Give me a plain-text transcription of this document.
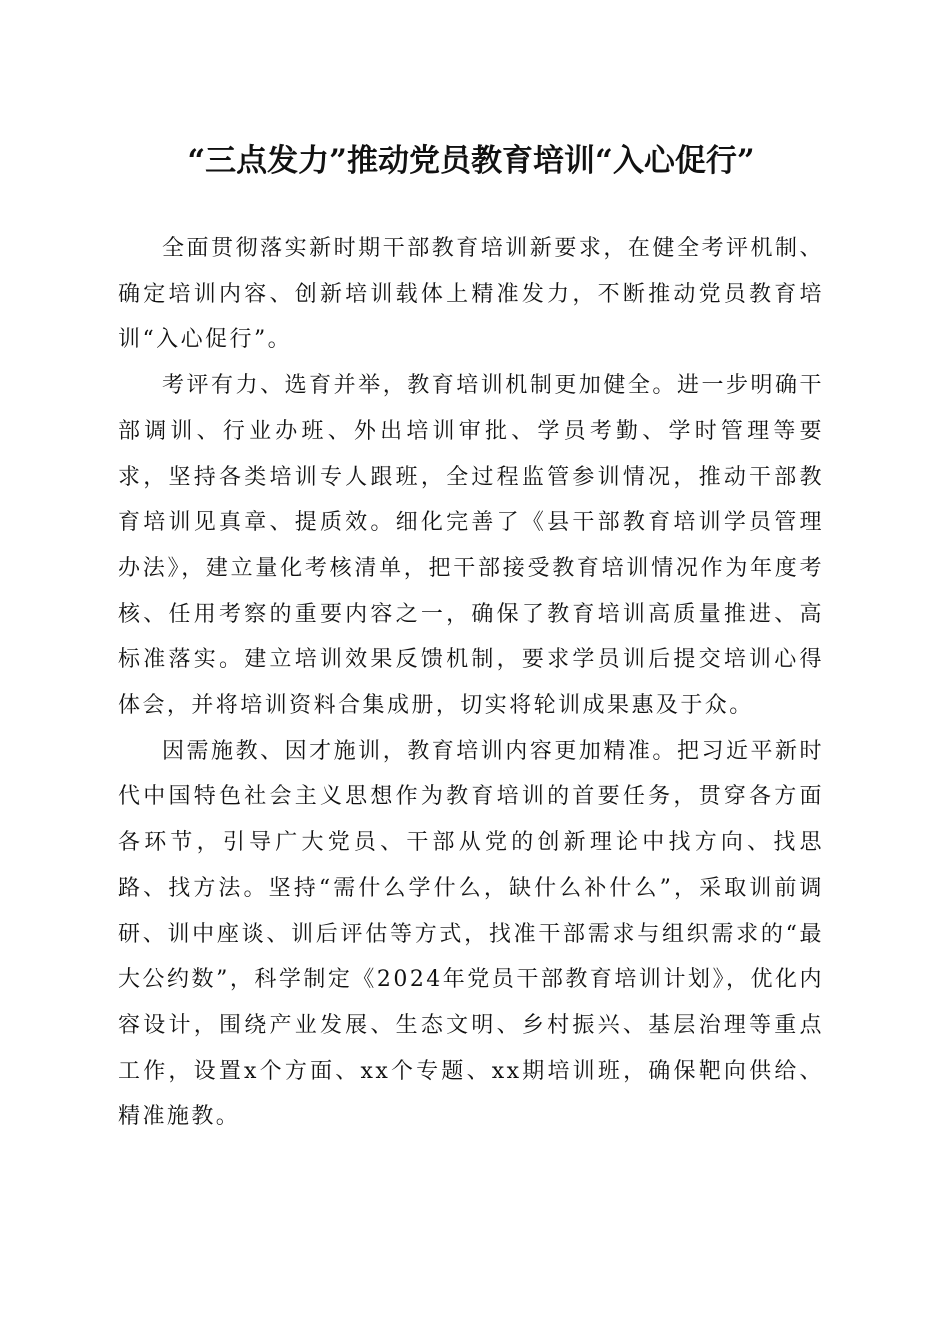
“三点发力”推动党员教育培训“入心促行”

全面贯彻落实新时期干部教育培训新要求，在健全考评机制、确定培训内容、创新培训载体上精准发力，不断推动党员教育培训“入心促行”。

考评有力、选育并举，教育培训机制更加健全。进一步明确干部调训、行业办班、外出培训审批、学员考勤、学时管理等要求，坚持各类培训专人跟班，全过程监管参训情况，推动干部教育培训见真章、提质效。细化完善了《县干部教育培训学员管理办法》，建立量化考核清单，把干部接受教育培训情况作为年度考核、任用考察的重要内容之一，确保了教育培训高质量推进、高标准落实。建立培训效果反馈机制，要求学员训后提交培训心得体会，并将培训资料合集成册，切实将轮训成果惠及于众。

因需施教、因才施训，教育培训内容更加精准。把习近平新时代中国特色社会主义思想作为教育培训的首要任务，贯穿各方面各环节，引导广大党员、干部从党的创新理论中找方向、找思路、找方法。坚持“需什么学什么，缺什么补什么”，采取训前调研、训中座谈、训后评估等方式，找准干部需求与组织需求的“最大公约数”，科学制定《2024年党员干部教育培训计划》，优化内容设计，围绕产业发展、生态文明、乡村振兴、基层治理等重点工作，设置x个方面、xx个专题、xx期培训班，确保靶向供给、精准施教。
